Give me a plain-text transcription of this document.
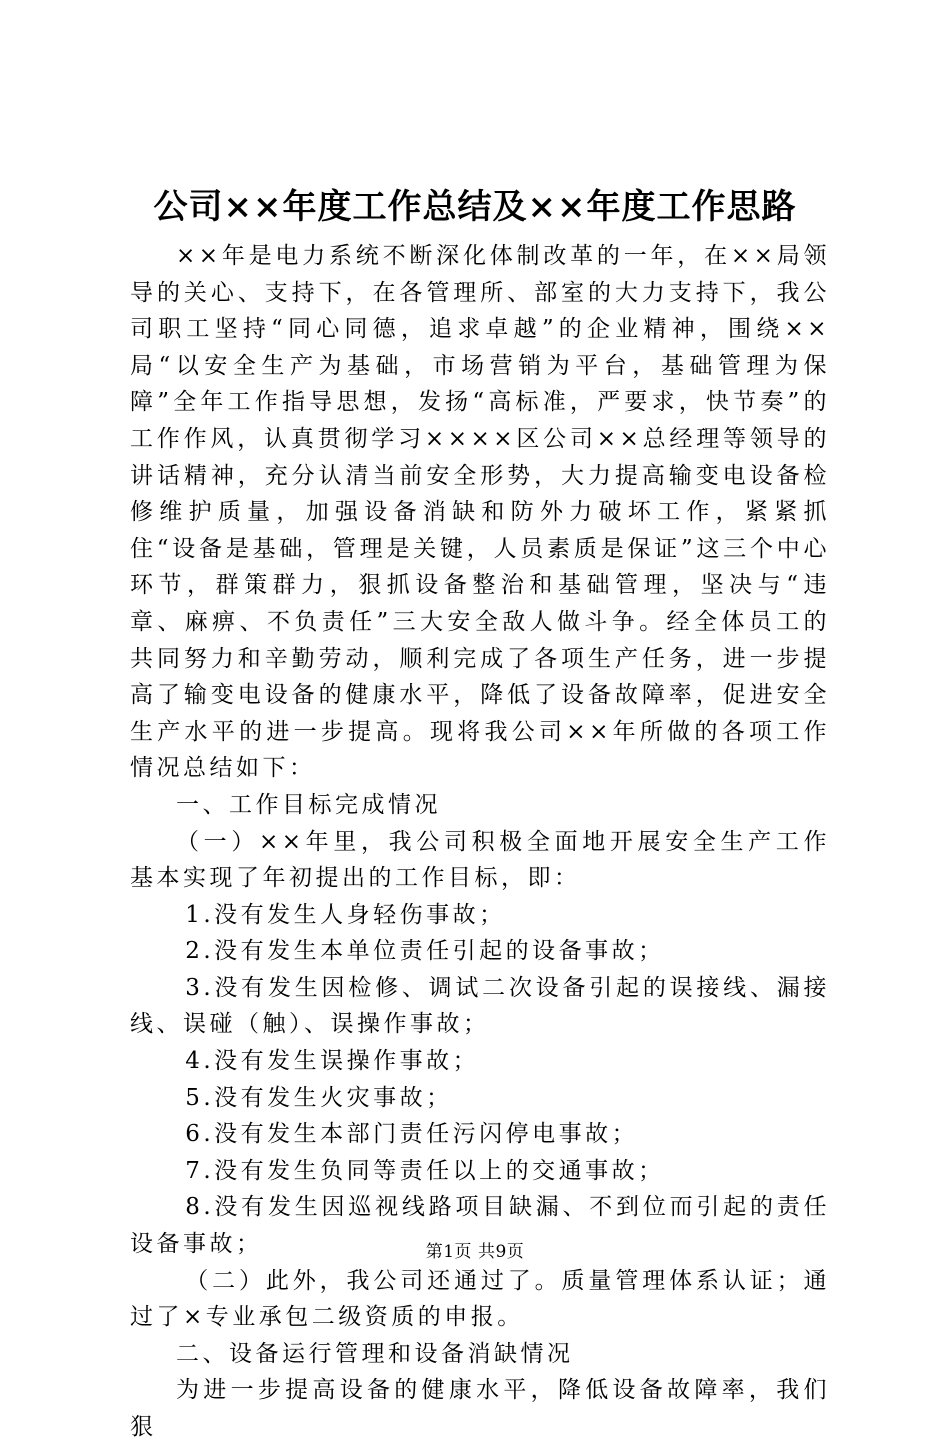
公司××年度工作总结及××年度工作思路

××年是电力系统不断深化体制改革的一年，在××局领导的关心、支持下，在各管理所、部室的大力支持下，我公司职工坚持“同心同德，追求卓越”的企业精神，围绕××局“以安全生产为基础，市场营销为平台，基础管理为保障”全年工作指导思想，发扬“高标准，严要求，快节奏”的工作作风，认真贯彻学习××××区公司××总经理等领导的讲话精神，充分认清当前安全形势，大力提高输变电设备检修维护质量，加强设备消缺和防外力破坏工作，紧紧抓住“设备是基础，管理是关键，人员素质是保证”这三个中心环节，群策群力，狠抓设备整治和基础管理，坚决与“违章、麻痹、不负责任”三大安全敌人做斗争。经全体员工的共同努力和辛勤劳动，顺利完成了各项生产任务，进一步提高了输变电设备的健康水平，降低了设备故障率，促进安全生产水平的进一步提高。现将我公司××年所做的各项工作情况总结如下：

一、工作目标完成情况

（一）××年里，我公司积极全面地开展安全生产工作基本实现了年初提出的工作目标，即：

1.没有发生人身轻伤事故；

2.没有发生本单位责任引起的设备事故；

3.没有发生因检修、调试二次设备引起的误接线、漏接线、误碰（触）、误操作事故；

4.没有发生误操作事故；

5.没有发生火灾事故；

6.没有发生本部门责任污闪停电事故；

7.没有发生负同等责任以上的交通事故；

8.没有发生因巡视线路项目缺漏、不到位而引起的责任设备事故；

（二）此外，我公司还通过了。质量管理体系认证；通过了×专业承包二级资质的申报。

二、设备运行管理和设备消缺情况

为进一步提高设备的健康水平，降低设备故障率，我们狠

第1页 共9页
